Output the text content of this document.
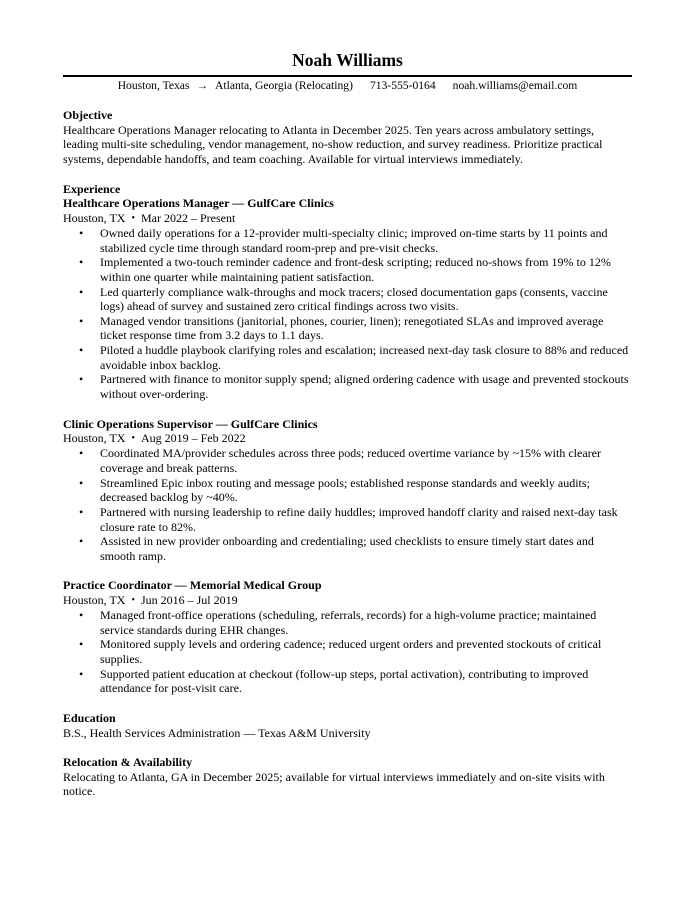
Noah Williams
Houston, Texas → Atlanta, Georgia (Relocating) 713-555-0164 noah.williams@email.com
Objective

Healthcare Operations Manager relocating to Atlanta in December 2025. Ten years across ambulatory settings, leading multi-site scheduling, vendor management, no-show reduction, and survey readiness. Prioritize practical systems, dependable handoffs, and team coaching. Available for virtual interviews immediately.

Experience
Healthcare Operations Manager — GulfCare Clinics
Houston, TX • Mar 2022 – Present
• Owned daily operations for a 12-provider multi-specialty clinic; improved on-time starts by 11 points and stabilized cycle time through standard room-prep and pre-visit checks.
• Implemented a two-touch reminder cadence and front-desk scripting; reduced no-shows from 19% to 12% within one quarter while maintaining patient satisfaction.
• Led quarterly compliance walk-throughs and mock tracers; closed documentation gaps (consents, vaccine logs) ahead of survey and sustained zero critical findings across two visits.
• Managed vendor transitions (janitorial, phones, courier, linen); renegotiated SLAs and improved average ticket response time from 3.2 days to 1.1 days.
• Piloted a huddle playbook clarifying roles and escalation; increased next-day task closure to 88% and reduced avoidable inbox backlog.
• Partnered with finance to monitor supply spend; aligned ordering cadence with usage and prevented stockouts without over-ordering.
Clinic Operations Supervisor — GulfCare Clinics
Houston, TX • Aug 2019 – Feb 2022
• Coordinated MA/provider schedules across three pods; reduced overtime variance by ~15% with clearer coverage and break patterns.
• Streamlined Epic inbox routing and message pools; established response standards and weekly audits; decreased backlog by ~40%.
• Partnered with nursing leadership to refine daily huddles; improved handoff clarity and raised next-day task closure rate to 82%.
• Assisted in new provider onboarding and credentialing; used checklists to ensure timely start dates and smooth ramp.
Practice Coordinator — Memorial Medical Group
Houston, TX • Jun 2016 – Jul 2019
• Managed front-office operations (scheduling, referrals, records) for a high-volume practice; maintained service standards during EHR changes.
• Monitored supply levels and ordering cadence; reduced urgent orders and prevented stockouts of critical supplies.
• Supported patient education at checkout (follow-up steps, portal activation), contributing to improved attendance for post-visit care.
Education

B.S., Health Services Administration — Texas A&M University

Relocation & Availability

Relocating to Atlanta, GA in December 2025; available for virtual interviews immediately and on-site visits with notice.
